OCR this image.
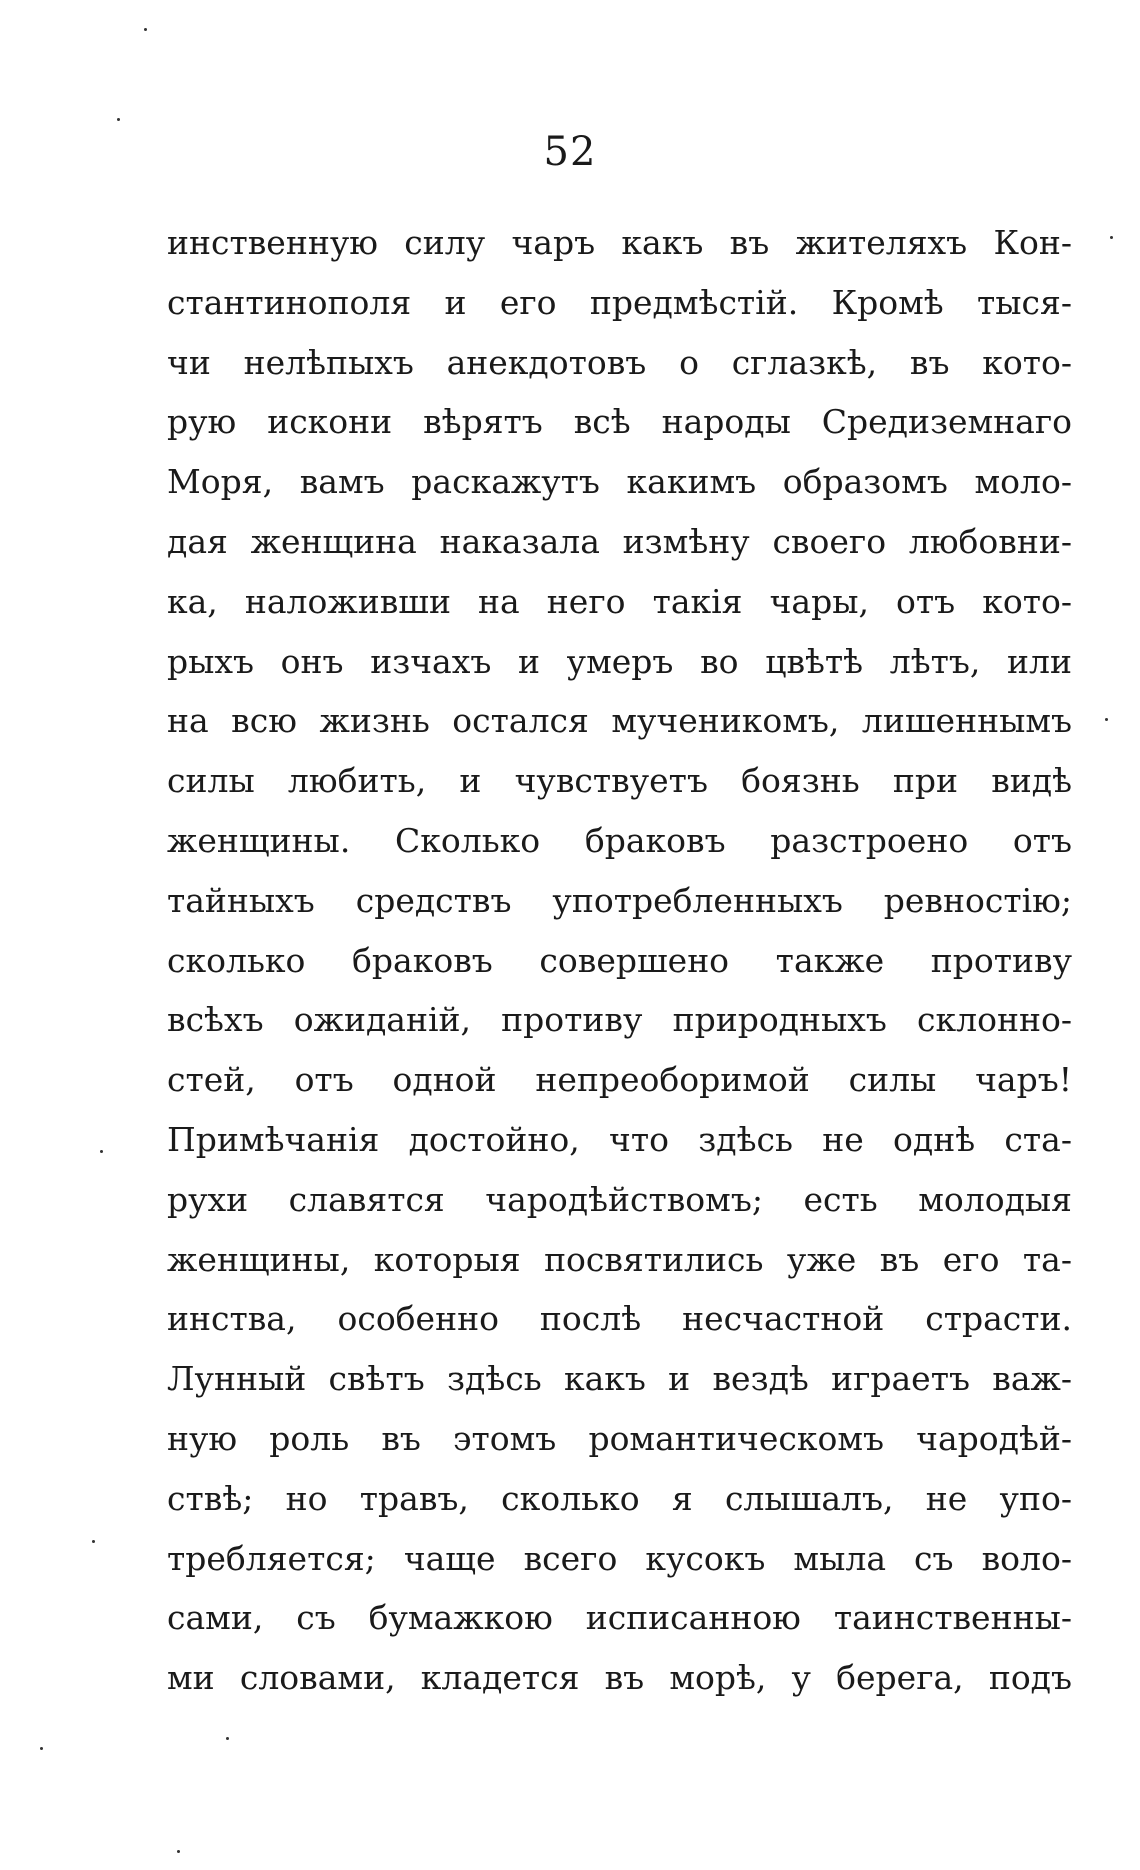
52
инственную силу чаръ какъ въ жителяхъ Кон-
стантинополя и его предмѣстій. Кромѣ тыся-
чи нелѣпыхъ анекдотовъ о сглазкѣ, въ кото-
рую искони вѣрятъ всѣ народы Средиземнаго
Моря, вамъ раскажутъ какимъ образомъ моло-
дая женщина наказала измѣну своего любовни-
ка, наложивши на него такія чары, отъ кото-
рыхъ онъ изчахъ и умеръ во цвѣтѣ лѣтъ, или
на всю жизнь остался мученикомъ, лишеннымъ
силы любить, и чувствуетъ боязнь при видѣ
женщины. Сколько браковъ разстроено отъ
тайныхъ средствъ употребленныхъ ревностію;
сколько браковъ совершено также противу
всѣхъ ожиданій, противу природныхъ склонно-
стей, отъ одной непреоборимой силы чаръ!
Примѣчанія достойно, что здѣсь не однѣ ста-
рухи славятся чародѣйствомъ; есть молодыя
женщины, которыя посвятились уже въ его та-
инства, особенно послѣ несчастной страсти.
Лунный свѣтъ здѣсь какъ и вездѣ играетъ важ-
ную роль въ этомъ романтическомъ чародѣй-
ствѣ; но травъ, сколько я слышалъ, не упо-
требляется; чаще всего кусокъ мыла съ воло-
сами, съ бумажкою исписанною таинственны-
ми словами, кладется въ морѣ, у берега, подъ
